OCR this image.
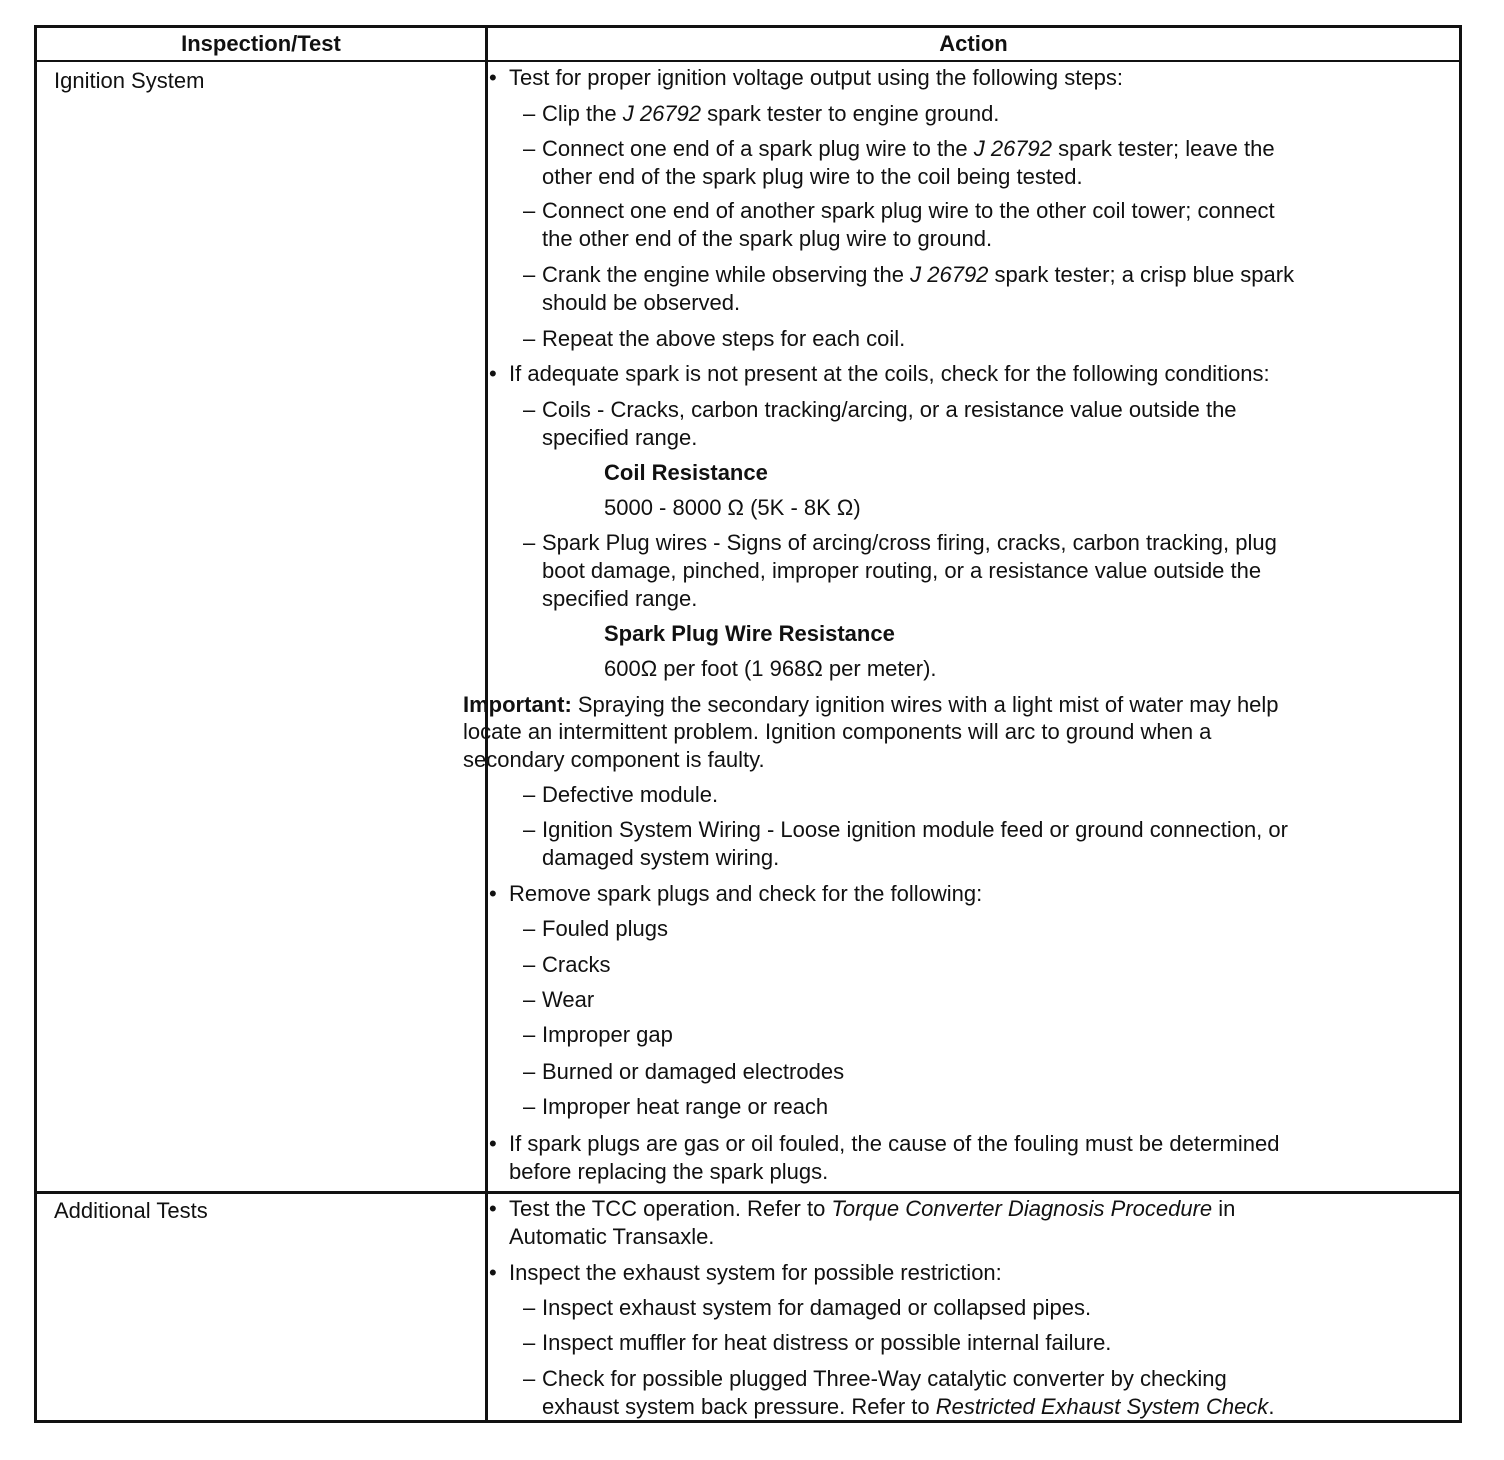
Inspection/Test	Action
Ignition System
Additional Tests
• Test for proper ignition voltage output using the following steps:
– Clip the J 26792 spark tester to engine ground.
– Connect one end of a spark plug wire to the J 26792 spark tester; leave the
other end of the spark plug wire to the coil being tested.
– Connect one end of another spark plug wire to the other coil tower; connect
the other end of the spark plug wire to ground.
– Crank the engine while observing the J 26792 spark tester; a crisp blue spark
should be observed.
– Repeat the above steps for each coil.
• If adequate spark is not present at the coils, check for the following conditions:
– Coils - Cracks, carbon tracking/arcing, or a resistance value outside the
specified range.
Coil Resistance
5000 - 8000 Ω (5K - 8K Ω)
– Spark Plug wires - Signs of arcing/cross firing, cracks, carbon tracking, plug
boot damage, pinched, improper routing, or a resistance value outside the
specified range.
Spark Plug Wire Resistance
600Ω per foot (1 968Ω per meter).
Important: Spraying the secondary ignition wires with a light mist of water may help
locate an intermittent problem. Ignition components will arc to ground when a
secondary component is faulty.
– Defective module.
– Ignition System Wiring - Loose ignition module feed or ground connection, or
damaged system wiring.
• Remove spark plugs and check for the following:
– Fouled plugs
– Cracks
– Wear
– Improper gap
– Burned or damaged electrodes
– Improper heat range or reach
• If spark plugs are gas or oil fouled, the cause of the fouling must be determined
before replacing the spark plugs.
• Test the TCC operation. Refer to Torque Converter Diagnosis Procedure in
Automatic Transaxle.
• Inspect the exhaust system for possible restriction:
– Inspect exhaust system for damaged or collapsed pipes.
– Inspect muffler for heat distress or possible internal failure.
– Check for possible plugged Three-Way catalytic converter by checking
exhaust system back pressure. Refer to Restricted Exhaust System Check.
